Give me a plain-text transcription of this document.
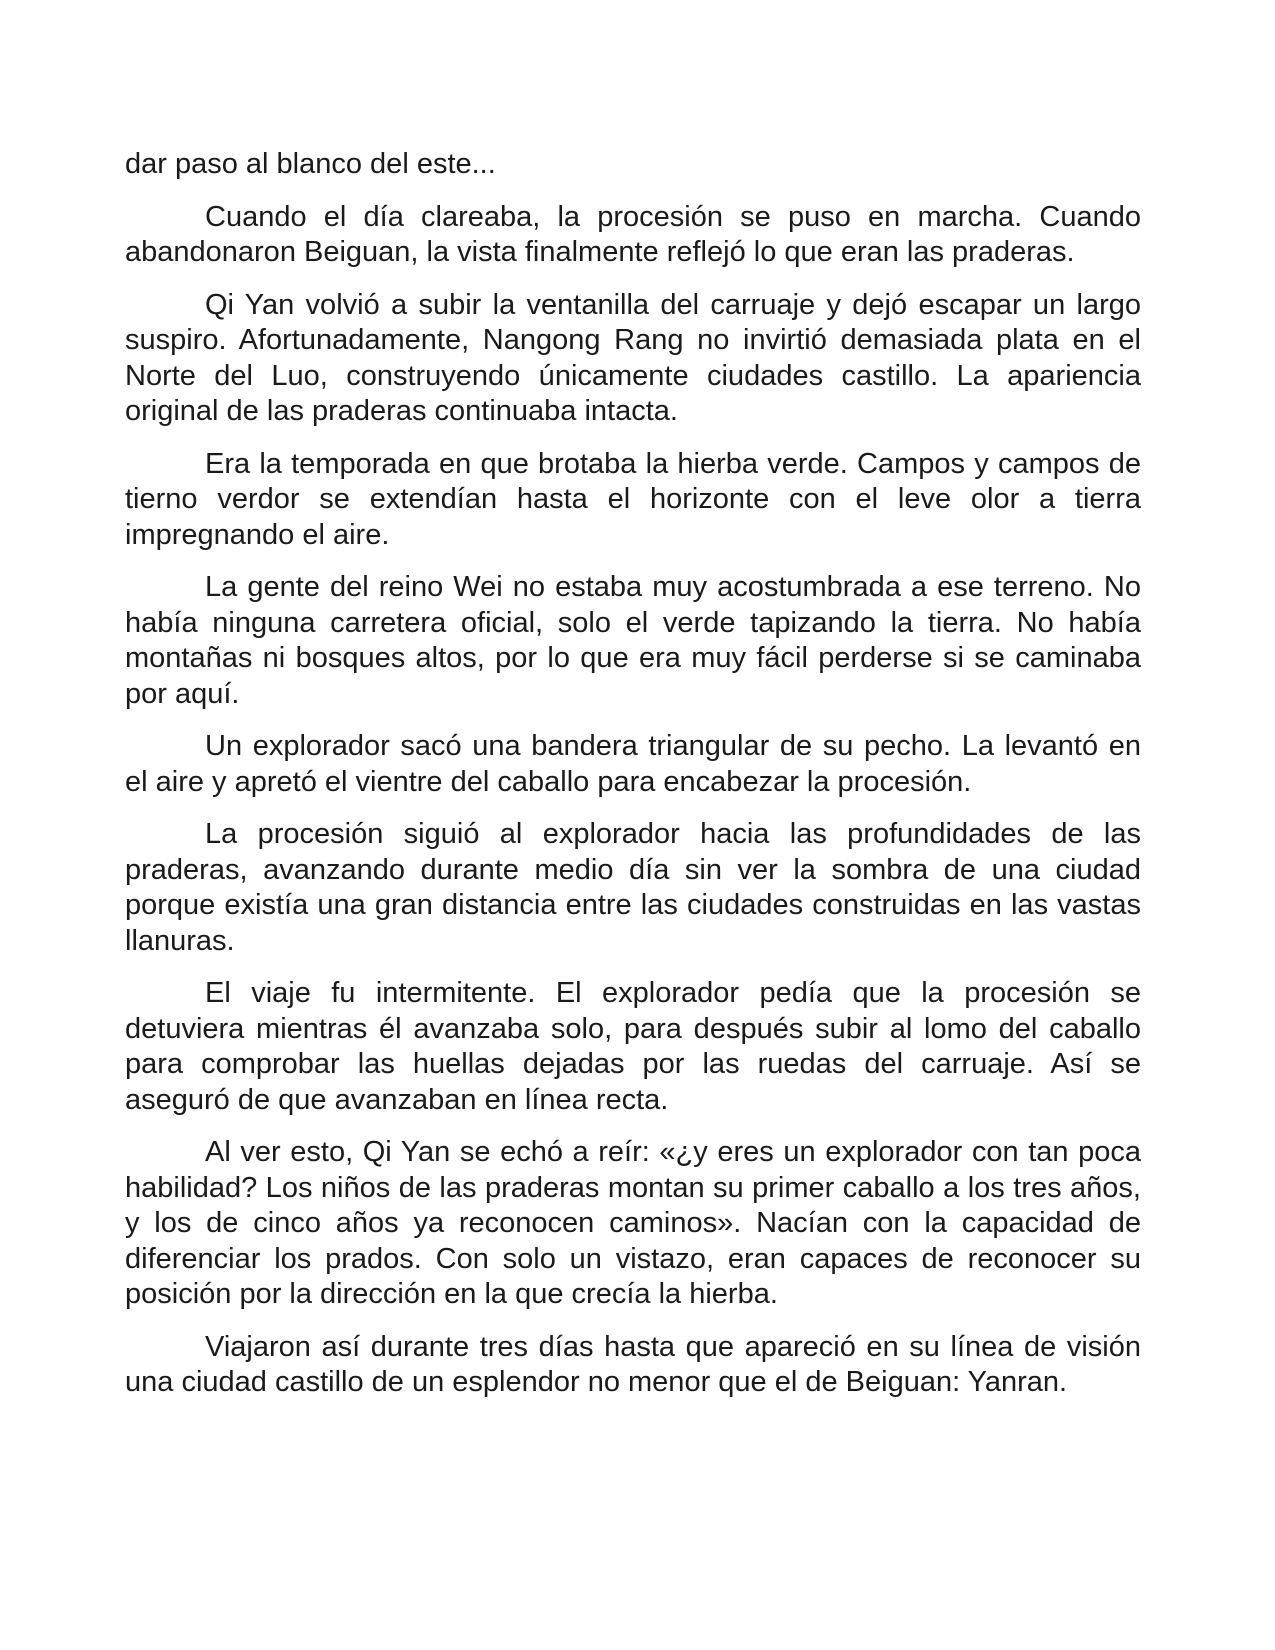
dar paso al blanco del este...

Cuando el día clareaba, la procesión se puso en marcha. Cuando abandonaron Beiguan, la vista finalmente reflejó lo que eran las praderas.

Qi Yan volvió a subir la ventanilla del carruaje y dejó escapar un largo suspiro. Afortunadamente, Nangong Rang no invirtió demasiada plata en el Norte del Luo, construyendo únicamente ciudades castillo. La apariencia original de las praderas continuaba intacta.

Era la temporada en que brotaba la hierba verde. Campos y campos de tierno verdor se extendían hasta el horizonte con el leve olor a tierra impregnando el aire.

La gente del reino Wei no estaba muy acostumbrada a ese terreno. No había ninguna carretera oficial, solo el verde tapizando la tierra. No había montañas ni bosques altos, por lo que era muy fácil perderse si se caminaba por aquí.

Un explorador sacó una bandera triangular de su pecho. La levantó en el aire y apretó el vientre del caballo para encabezar la procesión.

La procesión siguió al explorador hacia las profundidades de las praderas, avanzando durante medio día sin ver la sombra de una ciudad porque existía una gran distancia entre las ciudades construidas en las vastas llanuras.

El viaje fu intermitente. El explorador pedía que la procesión se detuviera mientras él avanzaba solo, para después subir al lomo del caballo para comprobar las huellas dejadas por las ruedas del carruaje. Así se aseguró de que avanzaban en línea recta.

Al ver esto, Qi Yan se echó a reír: «¿y eres un explorador con tan poca habilidad? Los niños de las praderas montan su primer caballo a los tres años, y los de cinco años ya reconocen caminos». Nacían con la capacidad de diferenciar los prados. Con solo un vistazo, eran capaces de reconocer su posición por la dirección en la que crecía la hierba.

Viajaron así durante tres días hasta que apareció en su línea de visión una ciudad castillo de un esplendor no menor que el de Beiguan: Yanran.
